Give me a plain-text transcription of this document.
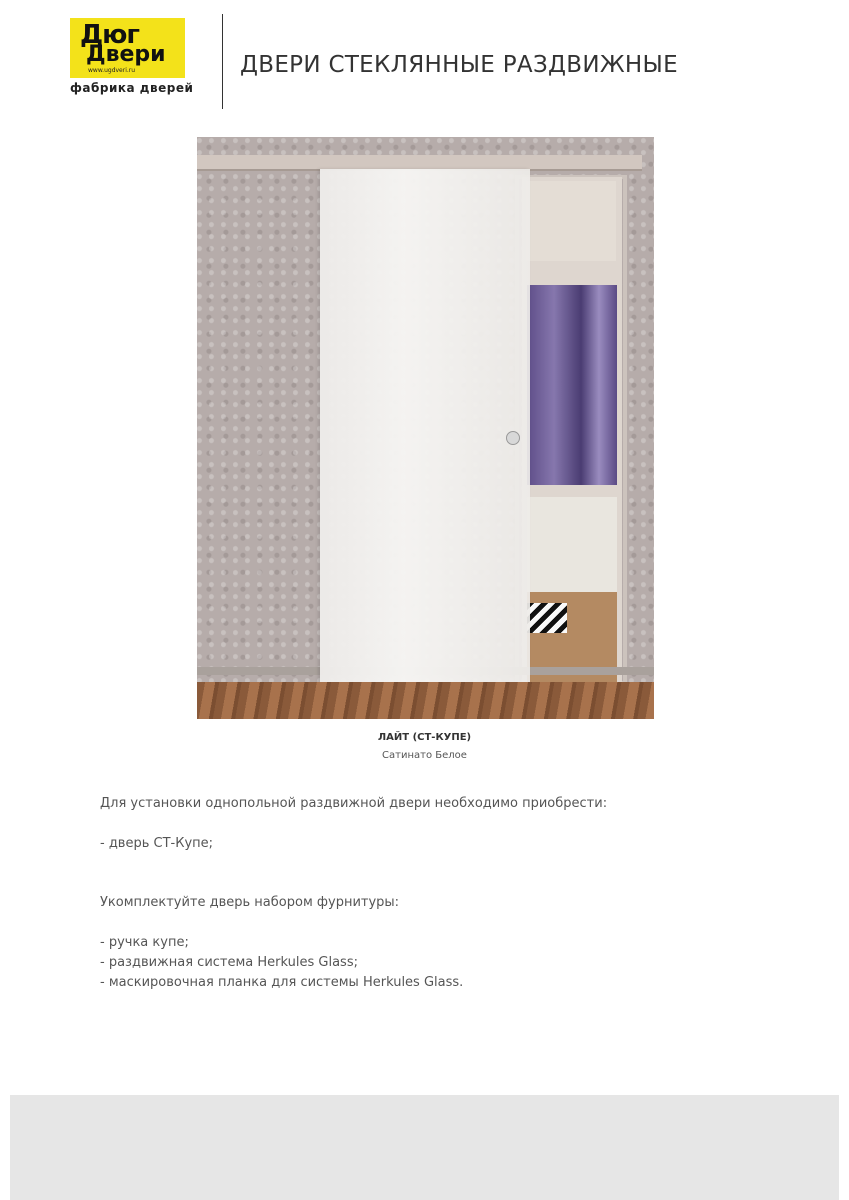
Дюг
Двери
www.ugdveri.ru
фабрика дверей
ДВЕРИ СТЕКЛЯННЫЕ РАЗДВИЖНЫЕ
ЛАЙТ (СТ-КУПЕ)
Сатинато Белое
Для установки однопольной раздвижной двери необходимо приобрести:
- дверь СТ-Купе;
Укомплектуйте дверь набором фурнитуры:
- ручка купе;
- раздвижная система Herkules Glass;
- маскировочная планка для системы Herkules Glass.
